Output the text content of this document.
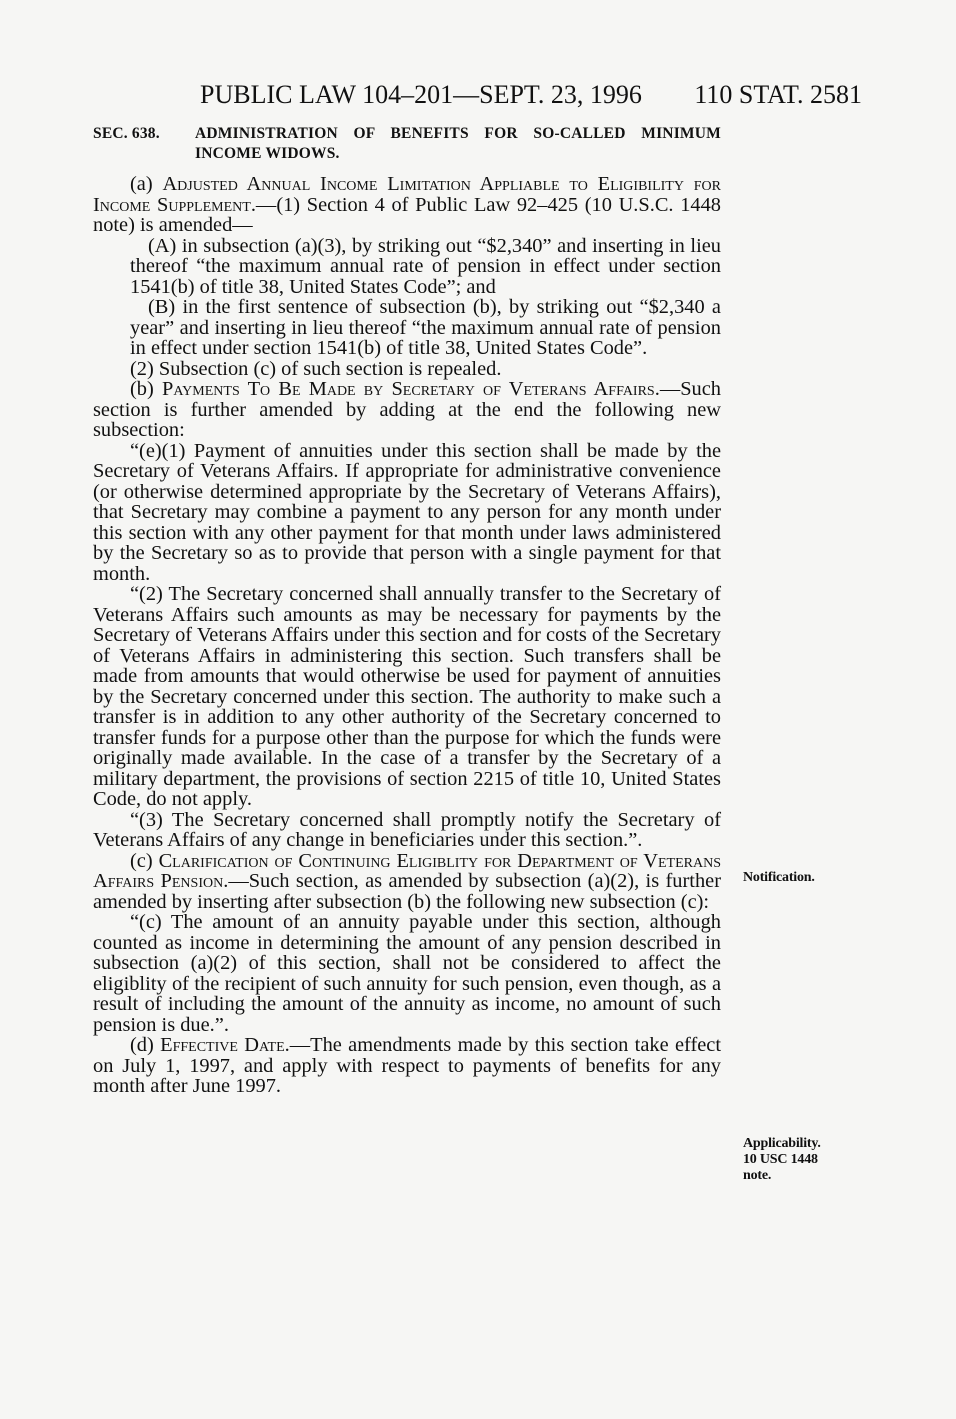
PUBLIC LAW 104–201—SEPT. 23, 1996 110 STAT. 2581
SEC. 638. ADMINISTRATION OF BENEFITS FOR SO-CALLED MINIMUM INCOME WIDOWS.

(a) Adjusted Annual Income Limitation Appliable to Eligibility for Income Supplement.—(1) Section 4 of Public Law 92–425 (10 U.S.C. 1448 note) is amended—

(A) in subsection (a)(3), by striking out “$2,340” and inserting in lieu thereof “the maximum annual rate of pension in effect under section 1541(b) of title 38, United States Code”; and

(B) in the first sentence of subsection (b), by striking out “$2,340 a year” and inserting in lieu thereof “the maximum annual rate of pension in effect under section 1541(b) of title 38, United States Code”.

(2) Subsection (c) of such section is repealed.

(b) Payments To Be Made by Secretary of Veterans Affairs.—Such section is further amended by adding at the end the following new subsection:

“(e)(1) Payment of annuities under this section shall be made by the Secretary of Veterans Affairs. If appropriate for administrative convenience (or otherwise determined appropriate by the Secretary of Veterans Affairs), that Secretary may combine a payment to any person for any month under this section with any other payment for that month under laws administered by the Secretary so as to provide that person with a single payment for that month.

“(2) The Secretary concerned shall annually transfer to the Secretary of Veterans Affairs such amounts as may be necessary for payments by the Secretary of Veterans Affairs under this section and for costs of the Secretary of Veterans Affairs in administering this section. Such transfers shall be made from amounts that would otherwise be used for payment of annuities by the Secretary concerned under this section. The authority to make such a transfer is in addition to any other authority of the Secretary concerned to transfer funds for a purpose other than the purpose for which the funds were originally made available. In the case of a transfer by the Secretary of a military department, the provisions of section 2215 of title 10, United States Code, do not apply.

“(3) The Secretary concerned shall promptly notify the Secretary of Veterans Affairs of any change in beneficiaries under this section.”.

(c) Clarification of Continuing Eligiblity for Department of Veterans Affairs Pension.—Such section, as amended by subsection (a)(2), is further amended by inserting after subsection (b) the following new subsection (c):

“(c) The amount of an annuity payable under this section, although counted as income in determining the amount of any pension described in subsection (a)(2) of this section, shall not be considered to affect the eligiblity of the recipient of such annuity for such pension, even though, as a result of including the amount of the annuity as income, no amount of such pension is due.”.

(d) Effective Date.—The amendments made by this section take effect on July 1, 1997, and apply with respect to payments of benefits for any month after June 1997.

Notification.
Applicability.
10 USC 1448
note.
